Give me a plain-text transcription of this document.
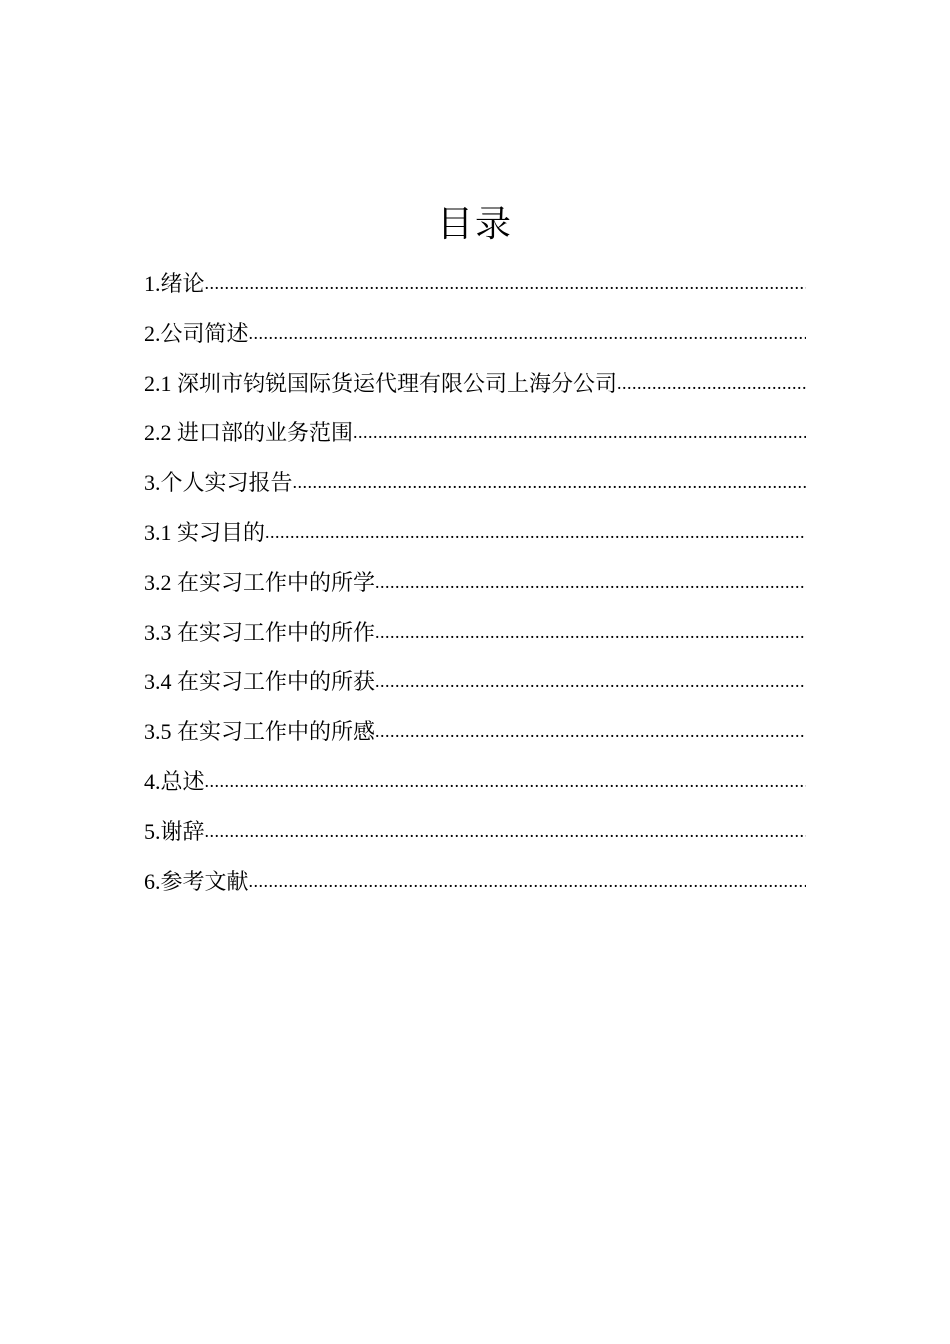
目录
1.绪论
.....
2.公司简述
.....
2.1 深圳市钧锐国际货运代理有限公司上海分公司
.....
2.2 进口部的业务范围
.....
3.个人实习报告
.....
3.1 实习目的
.....
3.2 在实习工作中的所学
.....
3.3 在实习工作中的所作
.....
3.4 在实习工作中的所获
.....
3.5 在实习工作中的所感
.....
4.总述
.....
5.谢辞
.....
6.参考文献
.....
